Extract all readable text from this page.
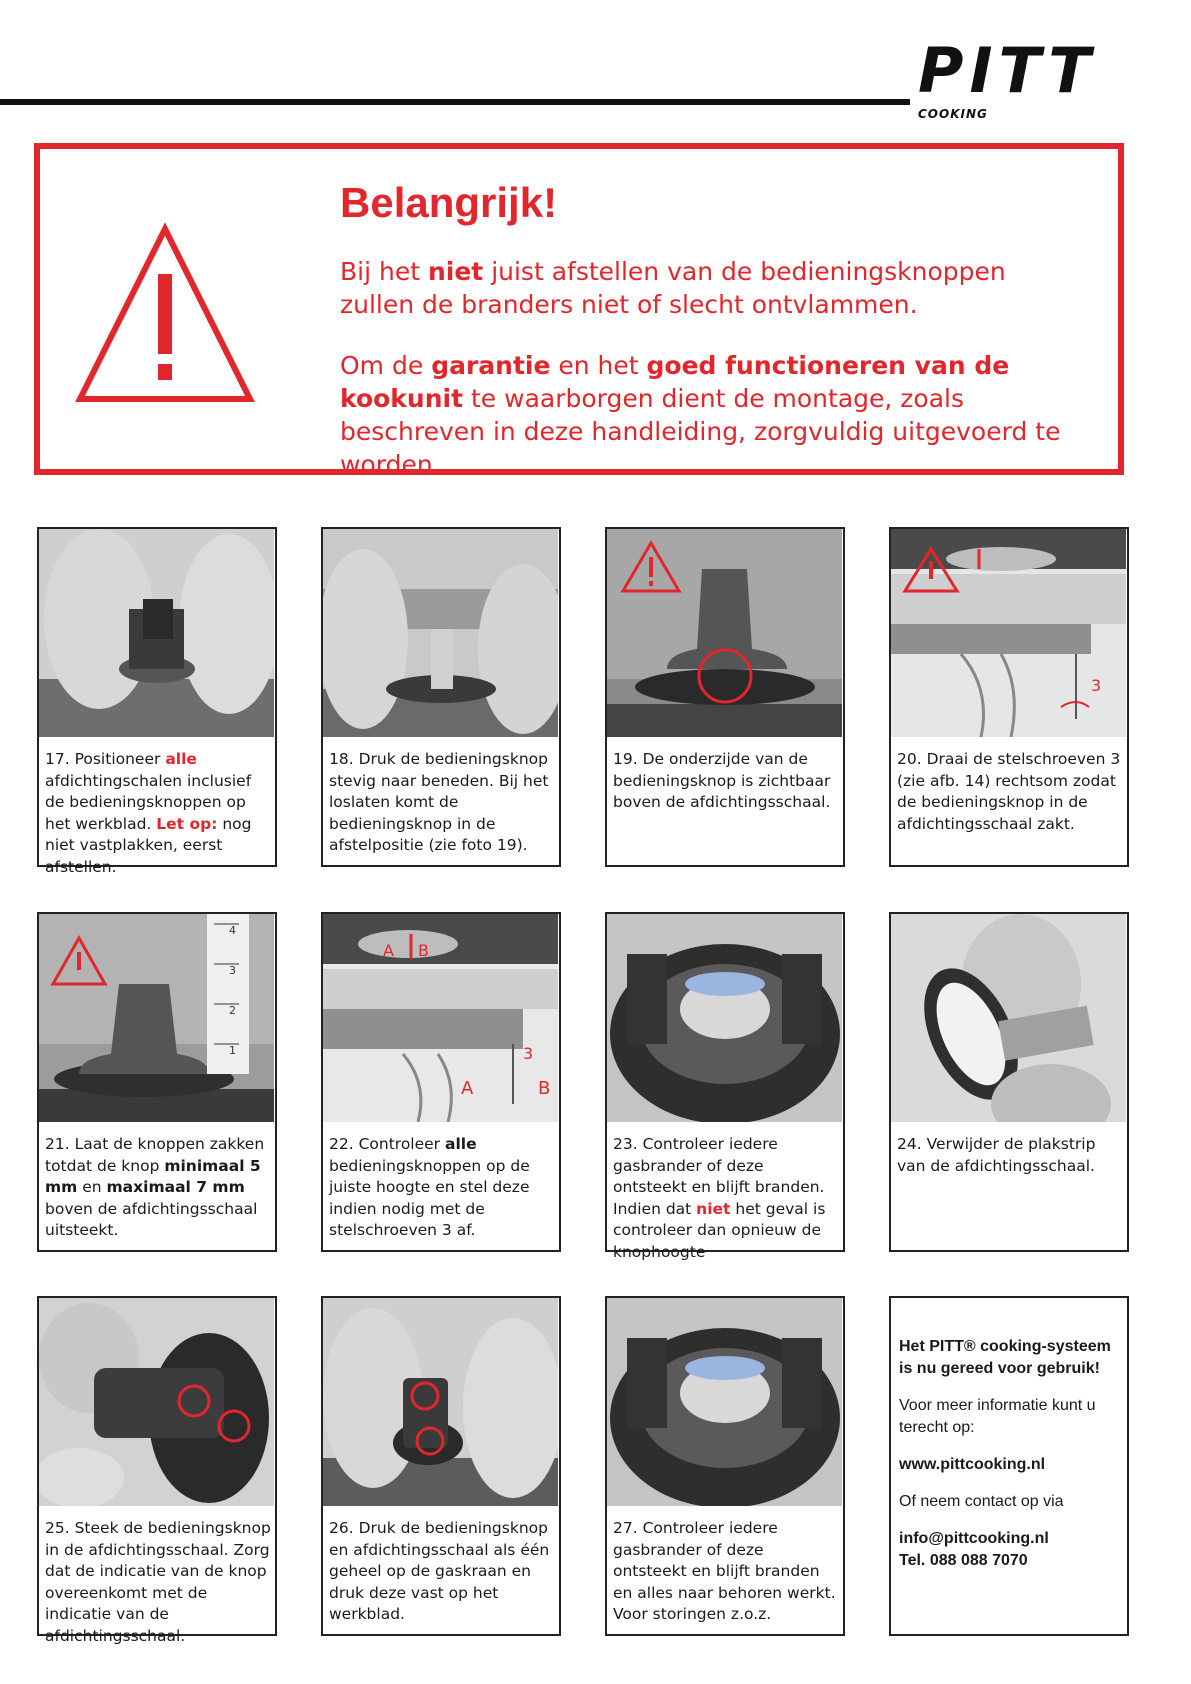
PITT
COOKING
Belangrijk!

Bij het niet juist afstellen van de bedieningsknoppen zullen de branders niet of slecht ontvlammen.

Om de garantie en het goed functioneren van de kookunit te waarborgen dient de montage, zoals beschreven in deze handleiding, zorgvuldig uitgevoerd te worden.

17. Positioneer alle afdichtingschalen inclusief de bedieningsknoppen op het werkblad. Let op: nog niet vastplakken, eerst afstellen.

18. Druk de bedieningsknop stevig naar beneden. Bij het loslaten komt de bedieningsknop in de afstelpositie (zie foto 19).

19. De onderzijde van de bedieningsknop is zichtbaar boven de afdichtingsschaal.

3

20. Draai de stelschroeven 3 (zie afb. 14) rechtsom zodat de bedieningsknop in de afdichtingsschaal zakt.

4
3
2
1

21. Laat de knoppen zakken totdat de knop minimaal 5 mm en maximaal 7 mm boven de afdichtingsschaal uitsteekt.

A B
A	B
3

22. Controleer alle bedieningsknoppen op de juiste hoogte en stel deze indien nodig met de stelschroeven 3 af.

23. Controleer iedere gasbrander of deze ontsteekt en blijft branden. Indien dat niet het geval is controleer dan opnieuw de knophoogte

24. Verwijder de plakstrip van de afdichtingsschaal.

25. Steek de bedieningsknop in de afdichtingsschaal. Zorg dat de indicatie van de knop overeenkomt met de indicatie van de afdichtingsschaal.

26. Druk de bedieningsknop en afdichtingsschaal als één geheel op de gaskraan en druk deze vast op het werkblad.

27. Controleer iedere gasbrander of deze ontsteekt en blijft branden en alles naar behoren werkt. Voor storingen z.o.z.

Het PITT® cooking-systeem is nu gereed voor gebruik!

Voor meer informatie kunt u terecht op:

www.pittcooking.nl

Of neem contact op via

info@pittcooking.nl

Tel. 088 088 7070
